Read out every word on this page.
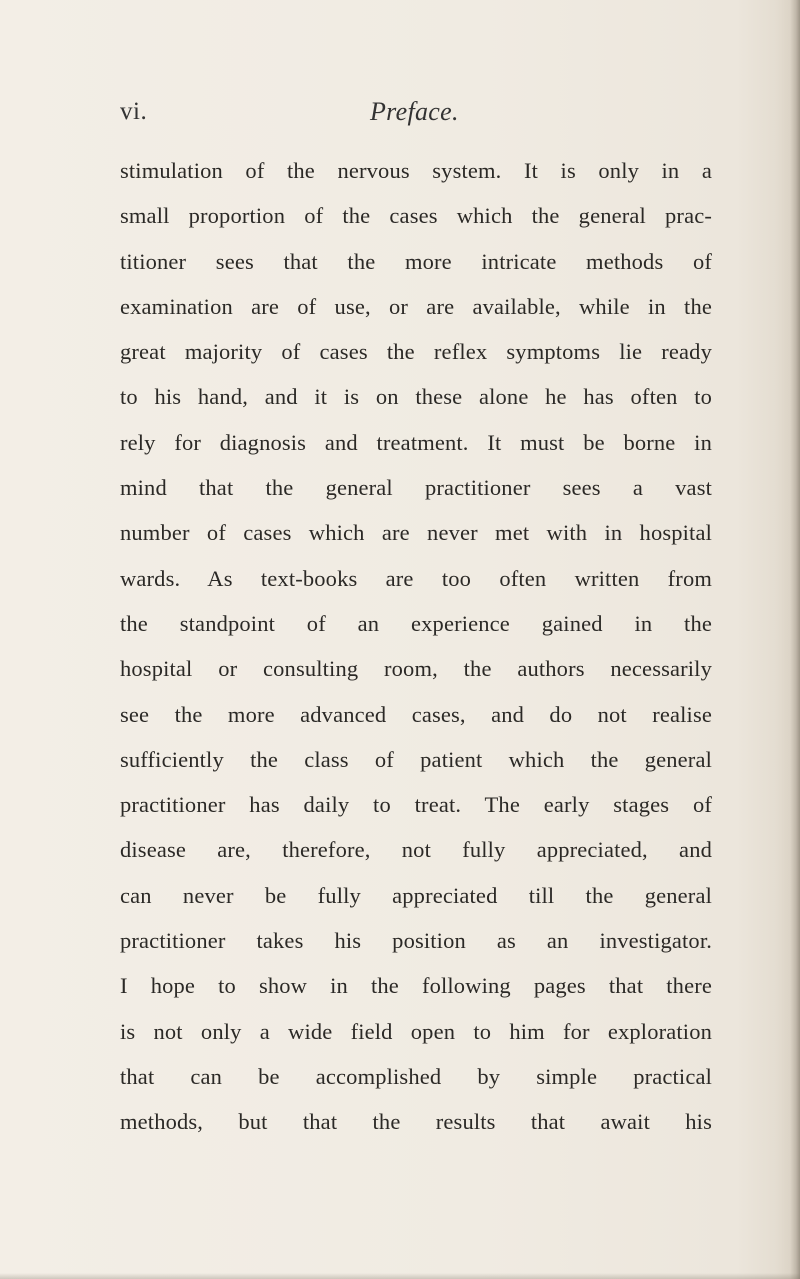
vi.	Preface.
stimulation of the nervous system. It is only in a
small proportion of the cases which the general prac-
titioner sees that the more intricate methods of
examination are of use, or are available, while in the
great majority of cases the reflex symptoms lie ready
to his hand, and it is on these alone he has often to
rely for diagnosis and treatment. It must be borne in
mind that the general practitioner sees a vast
number of cases which are never met with in hospital
wards. As text-books are too often written from
the standpoint of an experience gained in the
hospital or consulting room, the authors necessarily
see the more advanced cases, and do not realise
sufficiently the class of patient which the general
practitioner has daily to treat. The early stages of
disease are, therefore, not fully appreciated, and
can never be fully appreciated till the general
practitioner takes his position as an investigator.
I hope to show in the following pages that there
is not only a wide field open to him for exploration
that can be accomplished by simple practical
methods, but that the results that await his
